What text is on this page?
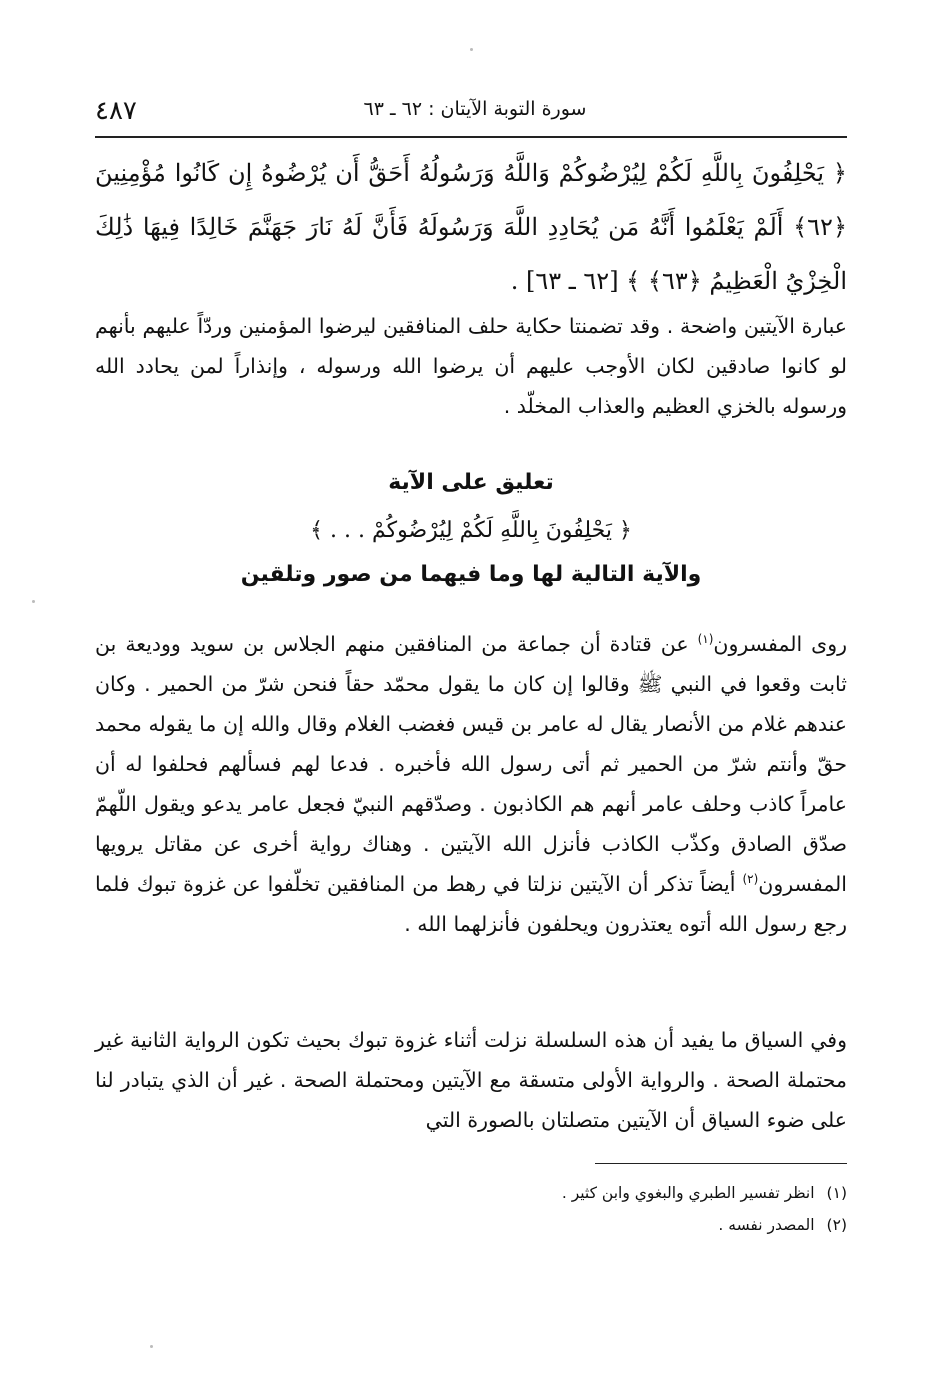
٤٨٧	سورة التوبة الآيتان : ٦٢ ـ ٦٣
﴿ يَحْلِفُونَ بِاللَّهِ لَكُمْ لِيُرْضُوكُمْ وَاللَّهُ وَرَسُولُهُ أَحَقُّ أَن يُرْضُوهُ إِن كَانُوا مُؤْمِنِينَ ﴿٦٢﴾ أَلَمْ يَعْلَمُوا أَنَّهُ مَن يُحَادِدِ اللَّهَ وَرَسُولَهُ فَأَنَّ لَهُ نَارَ جَهَنَّمَ خَالِدًا فِيهَا ذَٰلِكَ الْخِزْيُ الْعَظِيمُ ﴿٦٣﴾ ﴾ [٦٢ ـ ٦٣] .
عبارة الآيتين واضحة . وقد تضمنتا حكاية حلف المنافقين ليرضوا المؤمنين وردّاً عليهم بأنهم لو كانوا صادقين لكان الأوجب عليهم أن يرضوا الله ورسوله ، وإنذاراً لمن يحادد الله ورسوله بالخزي العظيم والعذاب المخلّد .
تعليق على الآية
﴿ يَحْلِفُونَ بِاللَّهِ لَكُمْ لِيُرْضُوكُمْ . . . ﴾
والآية التالية لها وما فيهما من صور وتلقين
روى المفسرون$^{(١)}$ عن قتادة أن جماعة من المنافقين منهم الجلاس بن سويد ووديعة بن ثابت وقعوا في النبي ﷺ وقالوا إن كان ما يقول محمّد حقاً فنحن شرّ من الحمير . وكان عندهم غلام من الأنصار يقال له عامر بن قيس فغضب الغلام وقال والله إن ما يقوله محمد حقّ وأنتم شرّ من الحمير ثم أتى رسول الله فأخبره . فدعا لهم فسألهم فحلفوا له أن عامراً كاذب وحلف عامر أنهم هم الكاذبون . وصدّقهم النبيّ فجعل عامر يدعو ويقول اللّهمّ صدّق الصادق وكذّب الكاذب فأنزل الله الآيتين . وهناك رواية أخرى عن مقاتل يرويها المفسرون$^{(٢)}$ أيضاً تذكر أن الآيتين نزلتا في رهط من المنافقين تخلّفوا عن غزوة تبوك فلما رجع رسول الله أتوه يعتذرون ويحلفون فأنزلهما الله .
وفي السياق ما يفيد أن هذه السلسلة نزلت أثناء غزوة تبوك بحيث تكون الرواية الثانية غير محتملة الصحة . والرواية الأولى متسقة مع الآيتين ومحتملة الصحة . غير أن الذي يتبادر لنا على ضوء السياق أن الآيتين متصلتان بالصورة التي
(١)انظر تفسير الطبري والبغوي وابن كثير .
(٢)المصدر نفسه .
